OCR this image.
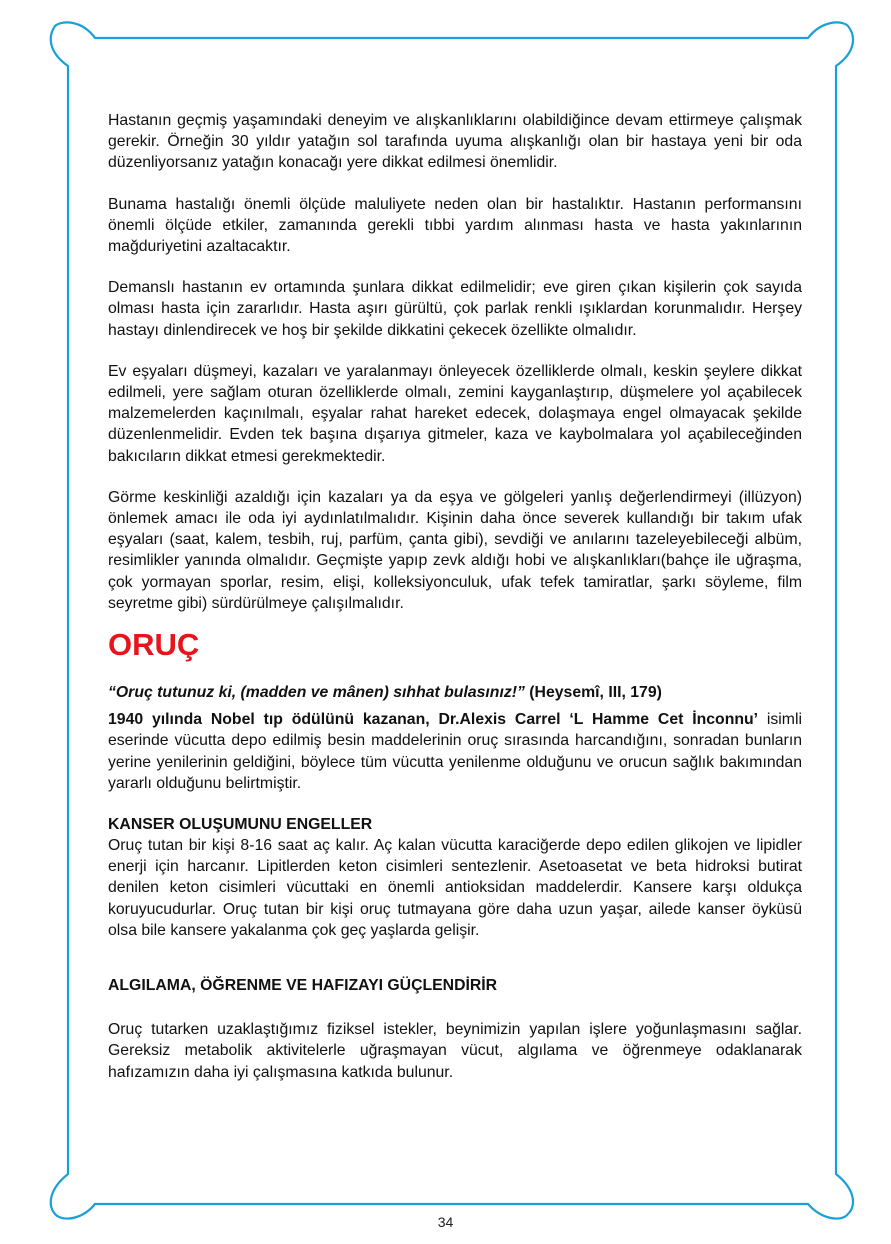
Hastanın geçmiş yaşamındaki deneyim ve alışkanlıklarını olabildiğince devam ettirmeye çalışmak gerekir. Örneğin 30 yıldır yatağın sol tarafında uyuma alışkanlığı olan bir hastaya yeni bir oda düzenliyorsanız yatağın konacağı yere dikkat edilmesi önemlidir.

Bunama hastalığı önemli ölçüde maluliyete neden olan bir hastalıktır. Hastanın performansını önemli ölçüde etkiler, zamanında gerekli tıbbi yardım alınması hasta ve hasta yakınlarının mağduriyetini azaltacaktır.

Demanslı hastanın ev ortamında şunlara dikkat edilmelidir; eve giren çıkan kişilerin çok sayıda olması hasta için zararlıdır. Hasta aşırı gürültü, çok parlak renkli ışıklardan korunmalıdır. Herşey hastayı dinlendirecek ve hoş bir şekilde dikkatini çekecek özellikte olmalıdır.

Ev eşyaları düşmeyi, kazaları ve yaralanmayı önleyecek özelliklerde olmalı, keskin şeylere dikkat edilmeli, yere sağlam oturan özelliklerde olmalı, zemini kayganlaştırıp, düşmelere yol açabilecek malzemelerden kaçınılmalı, eşyalar rahat hareket edecek, dolaşmaya engel olmayacak şekilde düzenlenmelidir. Evden tek başına dışarıya gitmeler, kaza ve kaybolmalara yol açabileceğinden bakıcıların dikkat etmesi gerekmektedir.

Görme keskinliği azaldığı için kazaları ya da eşya ve gölgeleri yanlış değerlendirmeyi (illüzyon) önlemek amacı ile oda iyi aydınlatılmalıdır. Kişinin daha önce severek kullandığı bir takım ufak eşyaları (saat, kalem, tesbih, ruj, parfüm, çanta gibi), sevdiği ve anılarını tazeleyebileceği albüm, resimlikler yanında olmalıdır. Geçmişte yapıp zevk aldığı hobi ve alışkanlıkları(bahçe ile uğraşma, çok yormayan sporlar, resim, elişi, kolleksiyonculuk, ufak tefek tamiratlar, şarkı söyleme, film seyretme gibi) sürdürülmeye çalışılmalıdır.

ORUÇ

“Oruç tutunuz ki, (madden ve mânen) sıhhat bulasınız!” (Heysemî, III, 179)

1940 yılında Nobel tıp ödülünü kazanan, Dr.Alexis Carrel ‘L Hamme Cet İnconnu’ isimli eserinde vücutta depo edilmiş besin maddelerinin oruç sırasında harcandığını, sonradan bunların yerine yenilerinin geldiğini, böylece tüm vücutta yenilenme olduğunu ve orucun sağlık bakımından yararlı olduğunu belirtmiştir.

KANSER OLUŞUMUNU ENGELLER

Oruç tutan bir kişi 8-16 saat aç kalır. Aç kalan vücutta karaciğerde depo edilen glikojen ve lipidler enerji için harcanır. Lipitlerden keton cisimleri sentezlenir. Asetoasetat ve beta hidroksi butirat denilen keton cisimleri vücuttaki en önemli antioksidan maddelerdir. Kansere karşı oldukça koruyucudurlar. Oruç tutan bir kişi oruç tutmayana göre daha uzun yaşar, ailede kanser öyküsü olsa bile kansere yakalanma çok geç yaşlarda gelişir.

ALGILAMA, ÖĞRENME VE HAFIZAYI GÜÇLENDİRİR

Oruç tutarken uzaklaştığımız fiziksel istekler, beynimizin yapılan işlere yoğunlaşmasını sağlar. Gereksiz metabolik aktivitelerle uğraşmayan vücut, algılama ve öğrenmeye odaklanarak hafızamızın daha iyi çalışmasına katkıda bulunur.

34
